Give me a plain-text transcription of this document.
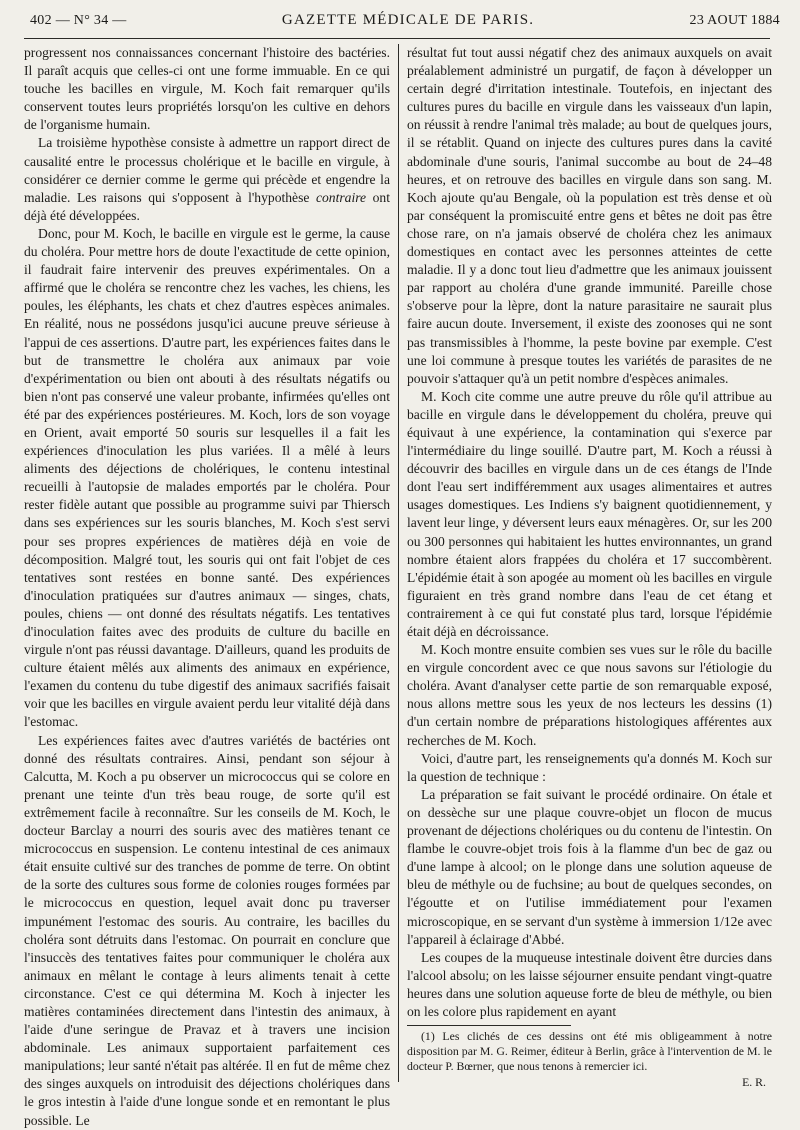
402 — N° 34 —	GAZETTE MÉDICALE DE PARIS.	23 AOUT 1884

progressent nos connaissances concernant l'histoire des bactéries. Il paraît acquis que celles-ci ont une forme immuable. En ce qui touche les bacilles en virgule, M. Koch fait remarquer qu'ils conservent toutes leurs propriétés lorsqu'on les cultive en dehors de l'organisme humain.

La troisième hypothèse consiste à admettre un rapport direct de causalité entre le processus cholérique et le bacille en virgule, à considérer ce dernier comme le germe qui précède et engendre la maladie. Les raisons qui s'opposent à l'hypothèse contraire ont déjà été développées.

Donc, pour M. Koch, le bacille en virgule est le germe, la cause du choléra. Pour mettre hors de doute l'exactitude de cette opinion, il faudrait faire intervenir des preuves expérimentales. On a affirmé que le choléra se rencontre chez les vaches, les chiens, les poules, les éléphants, les chats et chez d'autres espèces animales. En réalité, nous ne possédons jusqu'ici aucune preuve sérieuse à l'appui de ces assertions. D'autre part, les expériences faites dans le but de transmettre le choléra aux animaux par voie d'expérimentation ou bien ont abouti à des résultats négatifs ou bien n'ont pas conservé une valeur probante, infirmées qu'elles ont été par des expériences postérieures. M. Koch, lors de son voyage en Orient, avait emporté 50 souris sur lesquelles il a fait les expériences d'inoculation les plus variées. Il a mêlé à leurs aliments des déjections de cholériques, le contenu intestinal recueilli à l'autopsie de malades emportés par le choléra. Pour rester fidèle autant que possible au programme suivi par Thiersch dans ses expériences sur les souris blanches, M. Koch s'est servi pour ses propres expériences de matières déjà en voie de décomposition. Malgré tout, les souris qui ont fait l'objet de ces tentatives sont restées en bonne santé. Des expériences d'inoculation pratiquées sur d'autres animaux — singes, chats, poules, chiens — ont donné des résultats négatifs. Les tentatives d'inoculation faites avec des produits de culture du bacille en virgule n'ont pas réussi davantage. D'ailleurs, quand les produits de culture étaient mêlés aux aliments des animaux en expérience, l'examen du contenu du tube digestif des animaux sacrifiés faisait voir que les bacilles en virgule avaient perdu leur vitalité déjà dans l'estomac.

Les expériences faites avec d'autres variétés de bactéries ont donné des résultats contraires. Ainsi, pendant son séjour à Calcutta, M. Koch a pu observer un micrococcus qui se colore en prenant une teinte d'un très beau rouge, de sorte qu'il est extrêmement facile à reconnaître. Sur les conseils de M. Koch, le docteur Barclay a nourri des souris avec des matières tenant ce micrococcus en suspension. Le contenu intestinal de ces animaux était ensuite cultivé sur des tranches de pomme de terre. On obtint de la sorte des cultures sous forme de colonies rouges formées par le micrococcus en question, lequel avait donc pu traverser impunément l'estomac des souris. Au contraire, les bacilles du choléra sont détruits dans l'estomac. On pourrait en conclure que l'insuccès des tentatives faites pour communiquer le choléra aux animaux en mêlant le contage à leurs aliments tenait à cette circonstance. C'est ce qui détermina M. Koch à injecter les matières contaminées directement dans l'intestin des animaux, à l'aide d'une seringue de Pravaz et à travers une incision abdominale. Les animaux supportaient parfaitement ces manipulations; leur santé n'était pas altérée. Il en fut de même chez des singes auxquels on introduisit des déjections cholériques dans le gros intestin à l'aide d'une longue sonde et en remontant le plus possible. Le

résultat fut tout aussi négatif chez des animaux auxquels on avait préalablement administré un purgatif, de façon à développer un certain degré d'irritation intestinale. Toutefois, en injectant des cultures pures du bacille en virgule dans les vaisseaux d'un lapin, on réussit à rendre l'animal très malade; au bout de quelques jours, il se rétablit. Quand on injecte des cultures pures dans la cavité abdominale d'une souris, l'animal succombe au bout de 24–48 heures, et on retrouve des bacilles en virgule dans son sang. M. Koch ajoute qu'au Bengale, où la population est très dense et où par conséquent la promiscuité entre gens et bêtes ne doit pas être chose rare, on n'a jamais observé de choléra chez les animaux domestiques en contact avec les personnes atteintes de cette maladie. Il y a donc tout lieu d'admettre que les animaux jouissent par rapport au choléra d'une grande immunité. Pareille chose s'observe pour la lèpre, dont la nature parasitaire ne saurait plus faire aucun doute. Inversement, il existe des zoonoses qui ne sont pas transmissibles à l'homme, la peste bovine par exemple. C'est une loi commune à presque toutes les variétés de parasites de ne pouvoir s'attaquer qu'à un petit nombre d'espèces animales.

M. Koch cite comme une autre preuve du rôle qu'il attribue au bacille en virgule dans le développement du choléra, preuve qui équivaut à une expérience, la contamination qui s'exerce par l'intermédiaire du linge souillé. D'autre part, M. Koch a réussi à découvrir des bacilles en virgule dans un de ces étangs de l'Inde dont l'eau sert indifféremment aux usages alimentaires et autres usages domestiques. Les Indiens s'y baignent quotidiennement, y lavent leur linge, y déversent leurs eaux ménagères. Or, sur les 200 ou 300 personnes qui habitaient les huttes environnantes, un grand nombre étaient alors frappées du choléra et 17 succombèrent. L'épidémie était à son apogée au moment où les bacilles en virgule figuraient en très grand nombre dans l'eau de cet étang et contrairement à ce qui fut constaté plus tard, lorsque l'épidémie était déjà en décroissance.

M. Koch montre ensuite combien ses vues sur le rôle du bacille en virgule concordent avec ce que nous savons sur l'étiologie du choléra. Avant d'analyser cette partie de son remarquable exposé, nous allons mettre sous les yeux de nos lecteurs les dessins (1) d'un certain nombre de préparations histologiques afférentes aux recherches de M. Koch.

Voici, d'autre part, les renseignements qu'a donnés M. Koch sur la question de technique :

La préparation se fait suivant le procédé ordinaire. On étale et on dessèche sur une plaque couvre-objet un flocon de mucus provenant de déjections cholériques ou du contenu de l'intestin. On flambe le couvre-objet trois fois à la flamme d'un bec de gaz ou d'une lampe à alcool; on le plonge dans une solution aqueuse de bleu de méthyle ou de fuchsine; au bout de quelques secondes, on l'égoutte et on l'utilise immédiatement pour l'examen microscopique, en se servant d'un système à immersion 1/12e avec l'appareil à éclairage d'Abbé.

Les coupes de la muqueuse intestinale doivent être durcies dans l'alcool absolu; on les laisse séjourner ensuite pendant vingt-quatre heures dans une solution aqueuse forte de bleu de méthyle, ou bien on les colore plus rapidement en ayant

(1) Les clichés de ces dessins ont été mis obligeamment à notre disposition par M. G. Reimer, éditeur à Berlin, grâce à l'intervention de M. le docteur P. Bœrner, que nous tenons à remercier ici.

E. R.
